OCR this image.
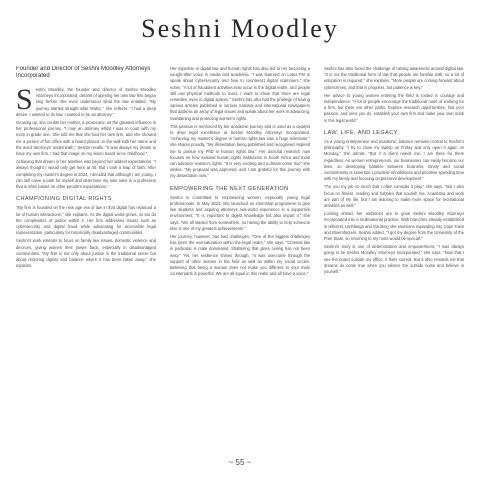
Seshni Moodley
Founder and Director of Seshni Moodley Attorneys Incorporated
S eshni Moodley, the founder and director of Seshni Moodley Attorneys Incorporated, dreamt of opening her own law firm began long before she even understood what the law entailed. "My journey started straight after Matric," she reflects. "I had a deep desire. I wanted to do law. I wanted to be an attorney."

Growing up, she credits her mother, a prosecutor, as the greatest influence in her professional journey. "I may an attorney whilst I was in court with my mom in grade one. She told me that she had her own firm, and she showed me a picture of her office with a board placed on the wall with her name and the word 'attorneys' underneath," Seshni recalls. "It was always my dream to have my own firm. I had that image on my vision board since childhood."

Achieving that dream in her twenties was beyond her wildest expectations. "I always thought I would only get here at 40. But I took a leap of faith. After completing my master's degree in 2024, I decided that although I am young, I can still carve a path for myself and determine my own rules in a profession that is often based on other people's expectations."

CHAMPIONING DIGITAL RIGHTS

"My firm is founded on the new age era of law in that digital has replaced a lot of human interactions," she explains. As the digital world grows, so too do the complexities of justice within it. Her firm addresses issues such as cybersecurity and digital fraud while advocating for accessible legal representation, particularly for historically disadvantaged communities.

Seshni's work extends to focus on family law issues, domestic violence and divorces, giving women their power back, especially in disadvantaged communities. "My firm is not only about justice in the traditional sense but about restoring dignity and balance where it has been taken away," she explains.

Her expertise in digital law and human rights has also led to her becoming a sought-after voice in media and academia. "I was featured on Lotus FM to speak about cybersecurity and how to counteract digital scammers," she notes. "A lot of fraudulent activities now occur in the digital realm, and people still use physical methods to react. I want to show that there are legal remedies, even in digital spaces." Seshni has also had the privilege of having various articles published in various national and international newspapers that address an array of legal issues and speak about her work in advancing, maintaining and protecting women's rights.

This passion is reinforced by her academic journey and is used as a catalyst to drive legal excellence at Seshni Moodley Attorneys Incorporated. "Achieving my master's degree in human rights law was a huge milestone," she shares proudly. "My dissertation being published and recognised inspired me to pursue my PhD in human rights law." Her doctoral research now focuses on how national human rights institutions in South Africa and India can advance women's rights. "It is very exciting and a dream come true" she smiles. "My proposal was approved, and I am grateful for this journey with my dissertation now."

EMPOWERING THE NEXT GENERATION

Seshni is committed to empowering women, especially young legal professionals. In May 2024, she launched an internship programme to give law students and aspiring attorneys real-world experience in a supportive environment. "It is important to digest knowledge but also impart it," she says. "We all started from somewhere, so having the ability to help someone else is one of my greatest achievements."

Her journey, however, has had challenges. "One of the biggest challenges has been the oversaturation within the legal realm," she says. "Criminal law in particular is male dominated. Shattering that glass ceiling has not been easy." Yet, her resilience shines through. "It was overcome through the support of other women in the field as well as within my social circles. Believing that being a woman does not make you different to your male counterparts is powerful. We are all equal in this realm and all have a voice."

Seshni has also faced the challenge of raising awareness around digital law. "It is not the traditional form of law that people are familiar with, so a lot of education is required," she explains. "More people are coming forward about cybercrimes, and that is progress, but patience is key."

Her advice to young women entering the field is rooted in courage and independence. "A lot of people encourage the traditional route of working for a firm, but there are other paths. Explore research opportunities, find your passion, and once you do, establish your own firm and make your own mark in this legal world."

LAW, LIFE, AND LEGACY

As a young entrepreneur and academic, balance remains central to Seshni's philosophy. "I try to close my laptop on Friday and only open it again on Monday," she admits. "But if a client needs me, I am there for them regardless. As women entrepreneurs, our businesses can easily become our lives, so developing balance between business, family and social commitments is essential. I prioritise mindfulness and prioritise spending time with my family and focusing on personal development."

"For you my job so much that I often consider it play," she says. "But I also focus on fitness, reading and hobbies that nourish me. Academia and work are part of my life, but I am learning to make more space for recreational activities as well."

Looking ahead, her ambitions are to grow Seshni Moodley Attorneys Incorporated into a multinational practice. With branches already established in Hillcrest, Umhlanga and Gauteng she envisions expanding into Cape Town and Bloemfontein. Seshni added, "I got my degree from the University of the Free State, so returning to my roots would be special."

Seshni's story is one of determination and empowerment. "I was always going to be Seshni Moodley Attorneys Incorporated," she says. "Now that I see the board outside my office, it feels surreal. But it also reminds me that dreams do come true when you silence the outside noise and believe in yourself."

~ 55 ~
